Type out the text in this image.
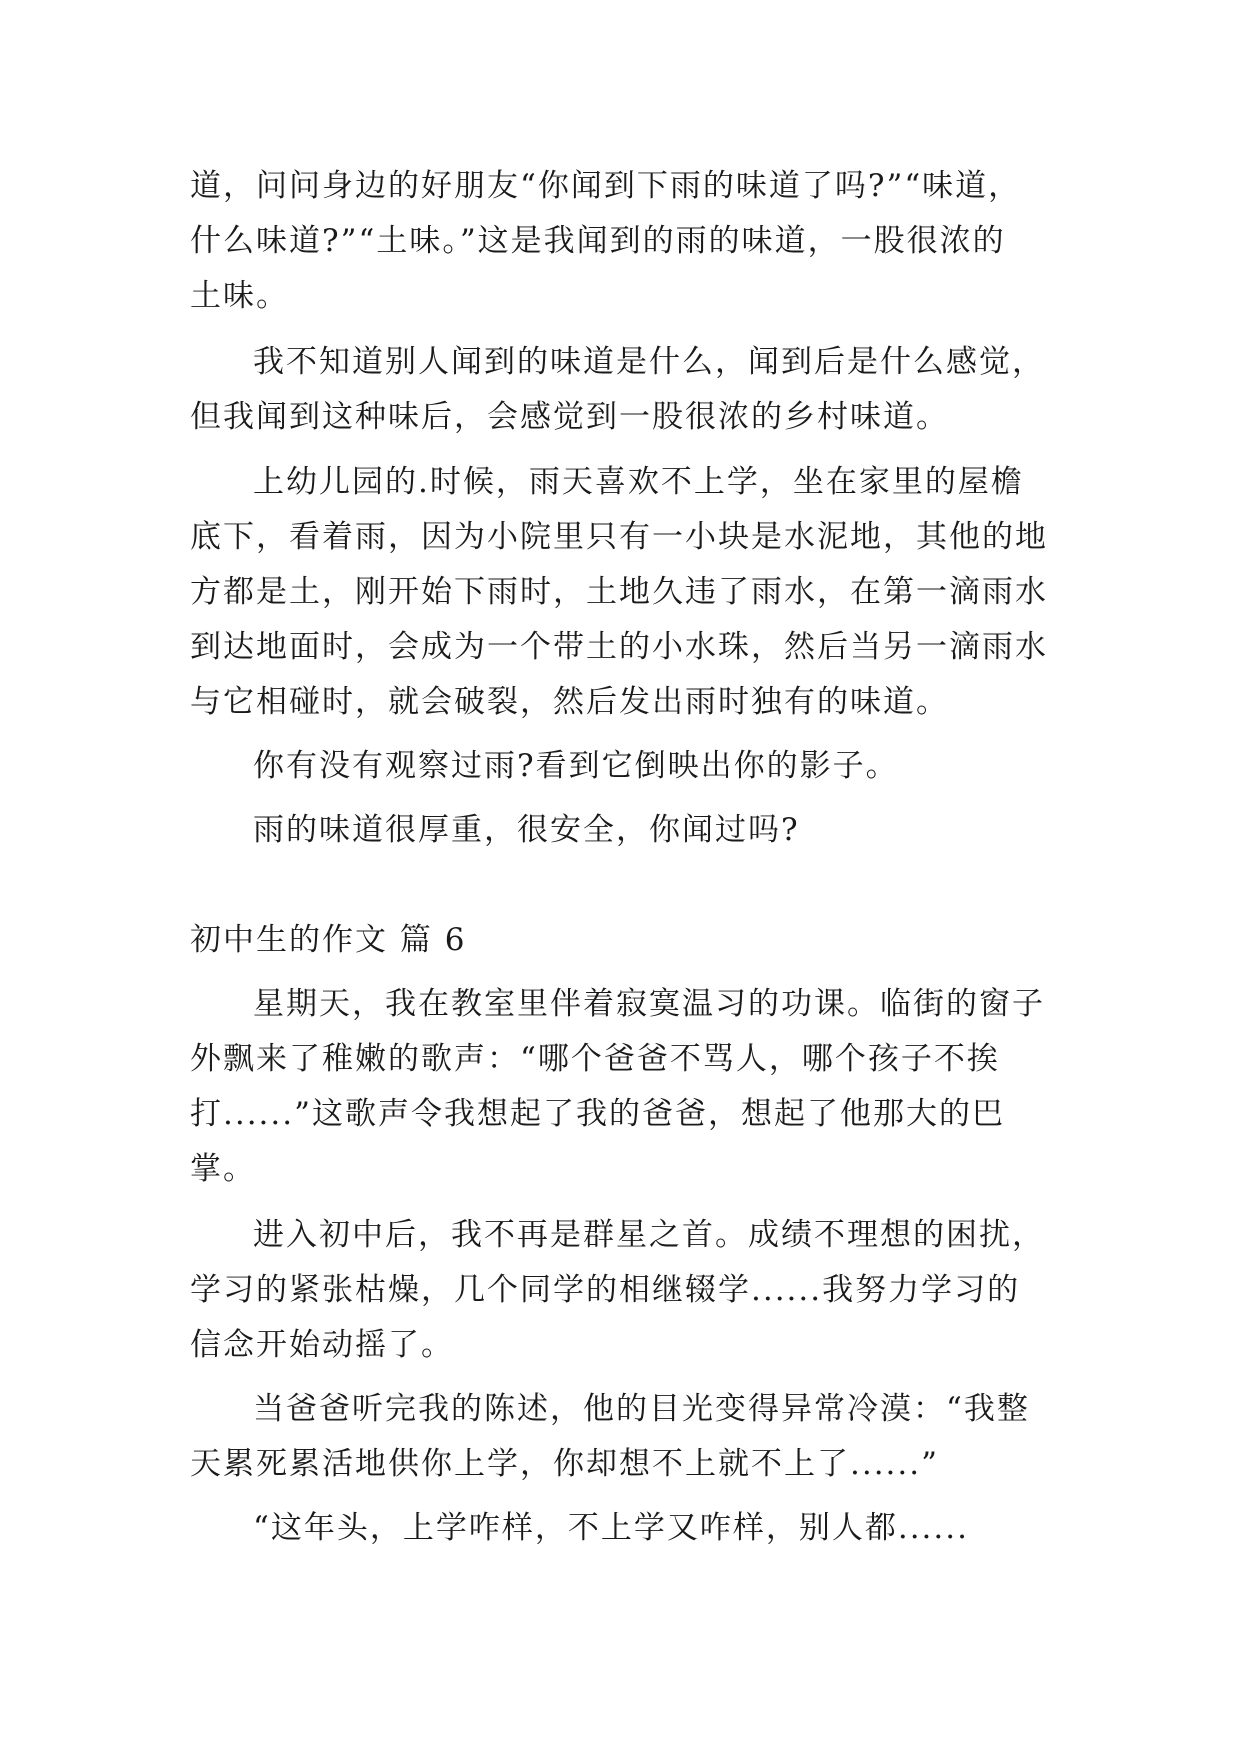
道，问问身边的好朋友“你闻到下雨的味道了吗?”“味道，
什么味道?”“土味。”这是我闻到的雨的味道，一股很浓的
土味。
我不知道别人闻到的味道是什么，闻到后是什么感觉，
但我闻到这种味后，会感觉到一股很浓的乡村味道。
上幼儿园的.时候，雨天喜欢不上学，坐在家里的屋檐
底下，看着雨，因为小院里只有一小块是水泥地，其他的地
方都是土，刚开始下雨时，土地久违了雨水，在第一滴雨水
到达地面时，会成为一个带土的小水珠，然后当另一滴雨水
与它相碰时，就会破裂，然后发出雨时独有的味道。
你有没有观察过雨?看到它倒映出你的影子。
雨的味道很厚重，很安全，你闻过吗?
初中生的作文 篇 6
星期天，我在教室里伴着寂寞温习的功课。临街的窗子
外飘来了稚嫩的歌声：“哪个爸爸不骂人，哪个孩子不挨
打......”这歌声令我想起了我的爸爸，想起了他那大的巴
掌。
进入初中后，我不再是群星之首。成绩不理想的困扰，
学习的紧张枯燥，几个同学的相继辍学......我努力学习的
信念开始动摇了。
当爸爸听完我的陈述，他的目光变得异常冷漠：“我整
天累死累活地供你上学，你却想不上就不上了......”
“这年头，上学咋样，不上学又咋样，别人都......
